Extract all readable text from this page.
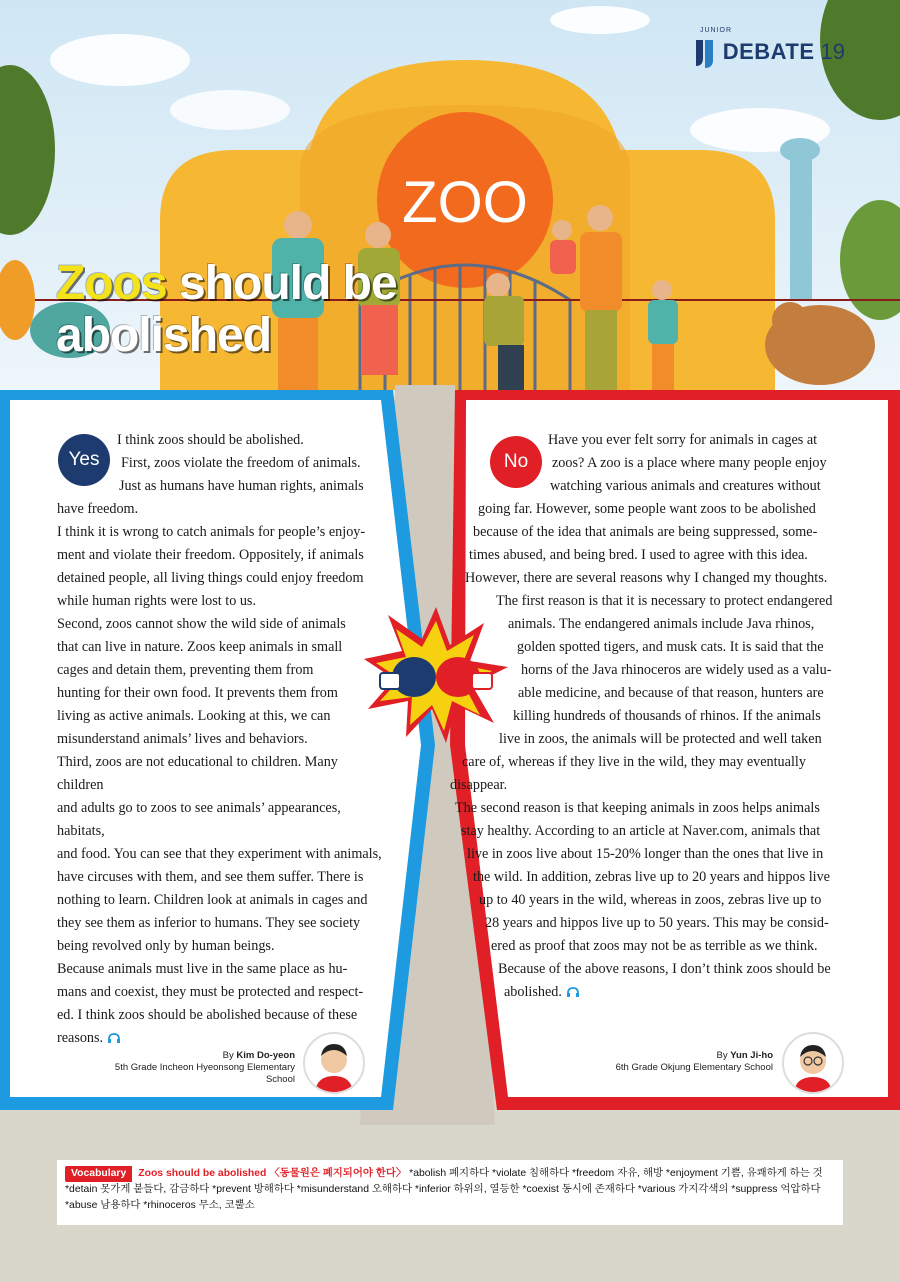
ZOO
DEBATE 19
JUNIOR
Zoos should be
abolished
Yes

I think zoos should be abolished.

First, zoos violate the freedom of animals.

Just as humans have human rights, animals

have freedom.

I think it is wrong to catch animals for people’s enjoy-

ment and violate their freedom. Oppositely, if animals

detained people, all living things could enjoy freedom

while human rights were lost to us.

Second, zoos cannot show the wild side of animals

that can live in nature. Zoos keep animals in small

cages and detain them, preventing them from

hunting for their own food. It prevents them from

living as active animals. Looking at this, we can

misunderstand animals’ lives and behaviors.

Third, zoos are not educational to children. Many children

and adults go to zoos to see animals’ appearances, habitats,

and food. You can see that they experiment with animals,

have circuses with them, and see them suffer. There is

nothing to learn. Children look at animals in cages and

they see them as inferior to humans. They see society

being revolved only by human beings.

Because animals must live in the same place as hu-

mans and coexist, they must be protected and respect-

ed. I think zoos should be abolished because of these

reasons.

By Kim Do-yeon
5th Grade Incheon Hyeonsong Elementary School
No

Have you ever felt sorry for animals in cages at

zoos? A zoo is a place where many people enjoy

watching various animals and creatures without

going far. However, some people want zoos to be abolished

because of the idea that animals are being suppressed, some-

times abused, and being bred. I used to agree with this idea.

However, there are several reasons why I changed my thoughts.

The first reason is that it is necessary to protect endangered

animals. The endangered animals include Java rhinos,

golden spotted tigers, and musk cats. It is said that the

horns of the Java rhinoceros are widely used as a valu-

able medicine, and because of that reason, hunters are

killing hundreds of thousands of rhinos. If the animals

live in zoos, the animals will be protected and well taken

care of, whereas if they live in the wild, they may eventually

disappear.

The second reason is that keeping animals in zoos helps animals

stay healthy. According to an article at Naver.com, animals that

live in zoos live about 15-20% longer than the ones that live in

the wild. In addition, zebras live up to 20 years and hippos live

up to 40 years in the wild, whereas in zoos, zebras live up to

28 years and hippos live up to 50 years. This may be consid-

ered as proof that zoos may not be as terrible as we think.

Because of the above reasons, I don’t think zoos should be

abolished.

By Yun Ji-ho
6th Grade Okjung Elementary School
Vocabulary Zoos should be abolished 〈동물원은 폐지되어야 한다〉 *abolish 폐지하다 *violate 침해하다 *freedom 자유, 해방 *enjoyment 기쁨, 유쾌하게 하는 것 *detain 못가게 붙들다, 감금하다 *prevent 방해하다 *misunderstand 오해하다 *inferior 하위의, 열등한 *coexist 동시에 존재하다 *various 가지각색의 *suppress 억압하다 *abuse 남용하다 *rhinoceros 무소, 코뿔소
